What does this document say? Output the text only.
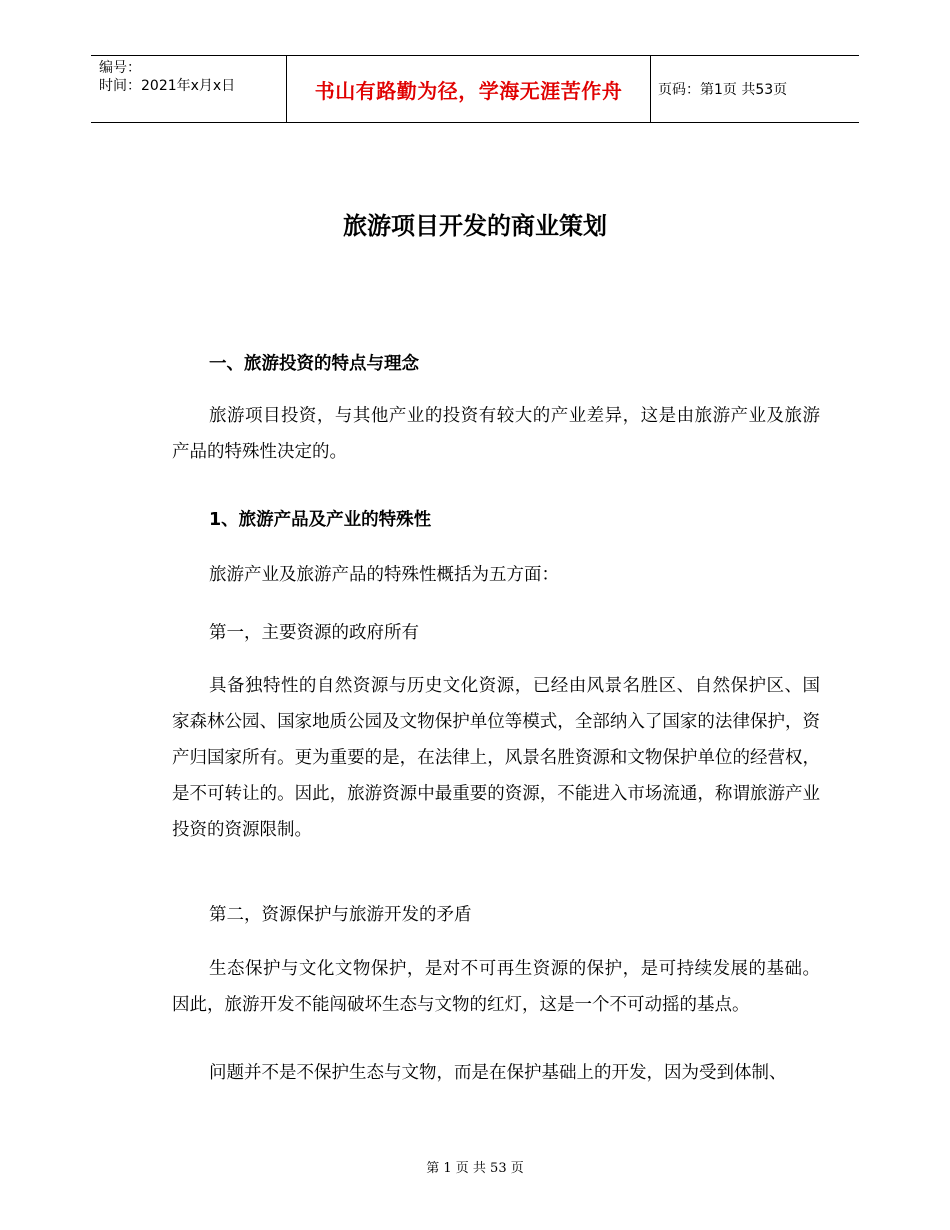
编号：
时间：2021年x月x日	书山有路勤为径，学海无涯苦作舟	页码：第1页 共53页
旅游项目开发的商业策划
一、旅游投资的特点与理念

旅游项目投资，与其他产业的投资有较大的产业差异，这是由旅游产业及旅游产品的特殊性决定的。

1、旅游产品及产业的特殊性
旅游产业及旅游产品的特殊性概括为五方面：
第一，主要资源的政府所有

具备独特性的自然资源与历史文化资源，已经由风景名胜区、自然保护区、国家森林公园、国家地质公园及文物保护单位等模式，全部纳入了国家的法律保护，资产归国家所有。更为重要的是，在法律上，风景名胜资源和文物保护单位的经营权，是不可转让的。因此，旅游资源中最重要的资源，不能进入市场流通，称谓旅游产业投资的资源限制。

第二，资源保护与旅游开发的矛盾

生态保护与文化文物保护，是对不可再生资源的保护，是可持续发展的基础。因此，旅游开发不能闯破坏生态与文物的红灯，这是一个不可动摇的基点。

问题并不是不保护生态与文物，而是在保护基础上的开发，因为受到体制、

第 1 页 共 53 页
